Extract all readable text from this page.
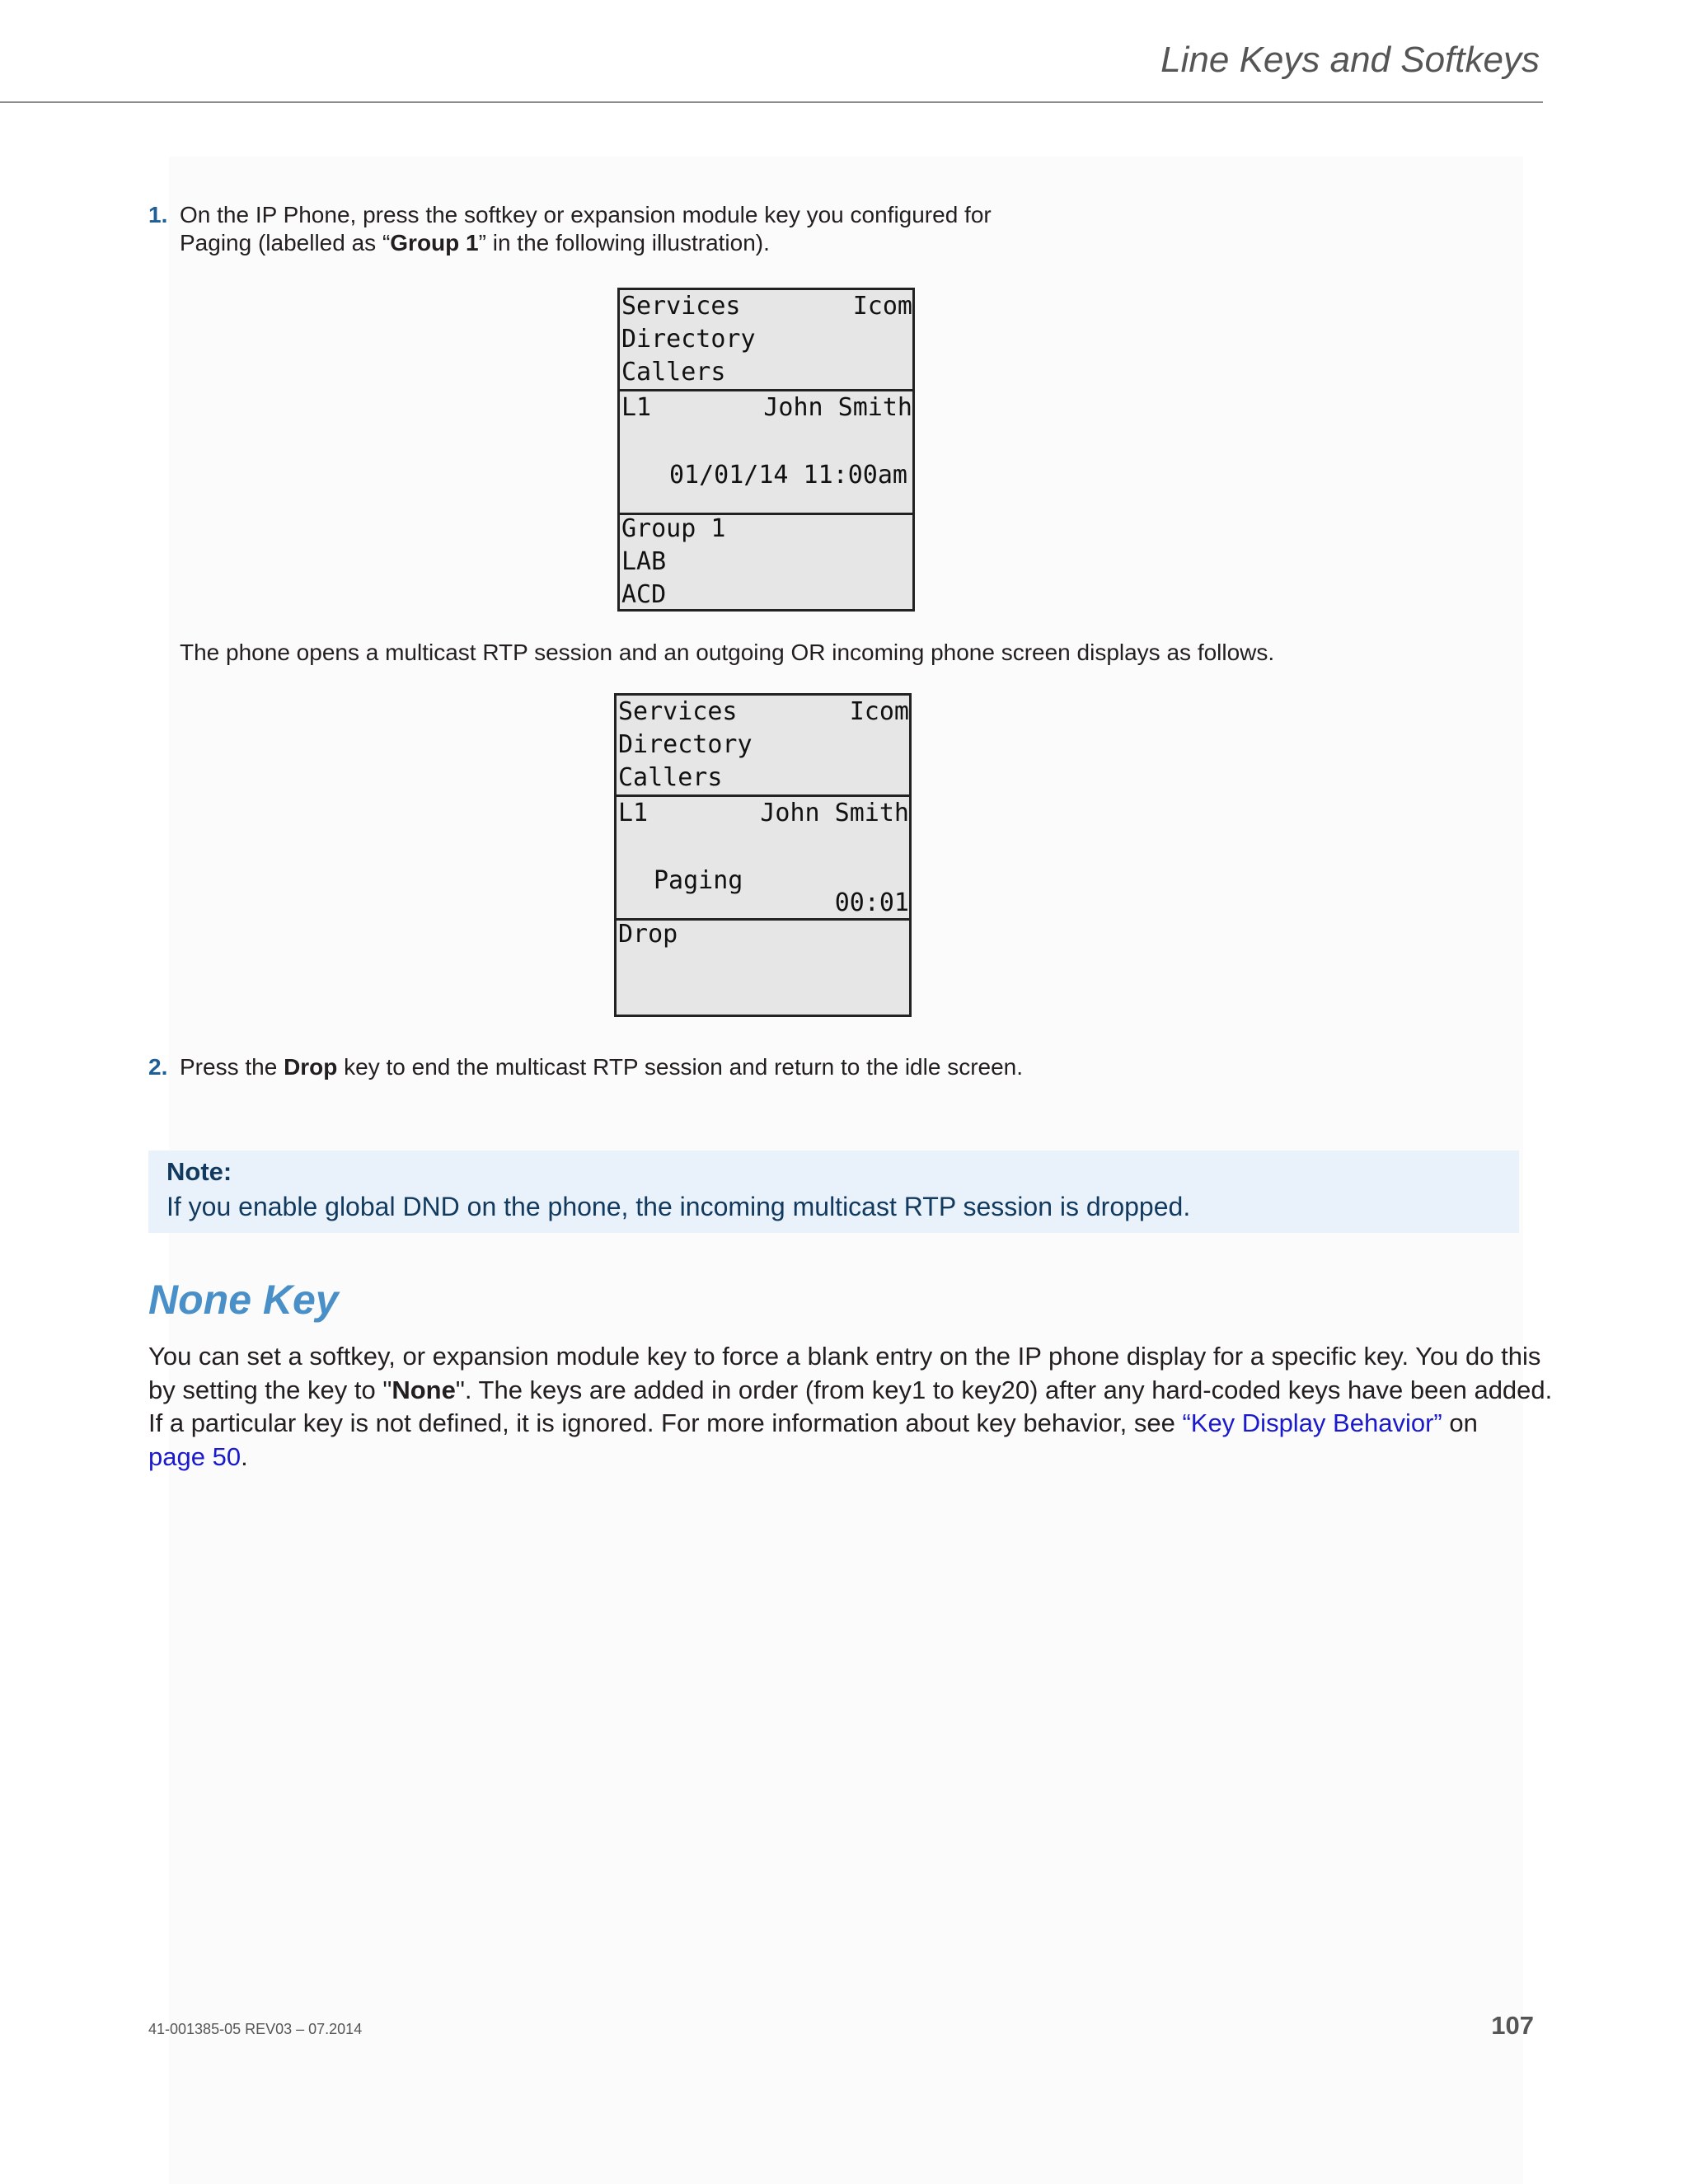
Line Keys and Softkeys
1. On the IP Phone, press the softkey or expansion module key you configured for
Paging (labelled as “Group 1” in the following illustration).
Services	Icom
Directory
Callers
L1	John Smith
01/01/14 11:00am
Group 1
LAB
ACD
The phone opens a multicast RTP session and an outgoing OR incoming phone screen displays as follows.
Services	Icom
Directory
Callers
L1	John Smith
Paging
00:01
Drop
2. Press the Drop key to end the multicast RTP session and return to the idle screen.
Note:
If you enable global DND on the phone, the incoming multicast RTP session is dropped.
None Key
You can set a softkey, or expansion module key to force a blank entry on the IP phone display for a specific key. You do this
by setting the key to "None". The keys are added in order (from key1 to key20) after any hard-coded keys have been added.
If a particular key is not defined, it is ignored. For more information about key behavior, see “Key Display Behavior” on
page 50.
41-001385-05 REV03 – 07.2014	107
